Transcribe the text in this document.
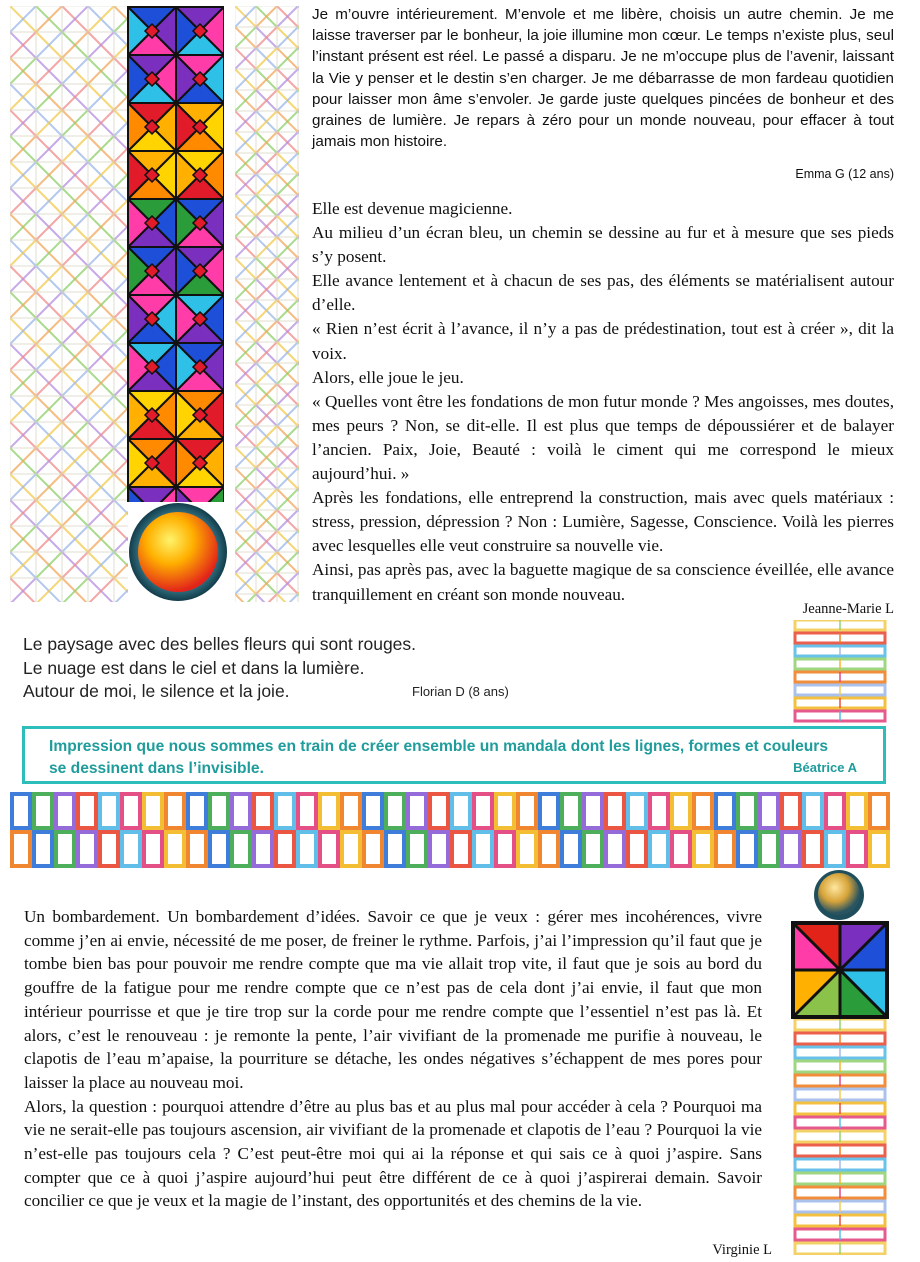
Je m’ouvre intérieurement. M’envole et me libère, choisis un autre chemin. Je me laisse traverser par le bonheur, la joie illumine mon cœur. Le temps n’existe plus, seul l’instant présent est réel. Le passé a disparu. Je ne m’occupe plus de l’avenir, laissant la Vie y penser et le destin s’en charger. Je me débarrasse de mon fardeau quotidien pour laisser mon âme s’envoler. Je garde juste quelques pincées de bonheur et des graines de lumière. Je repars à zéro pour un monde nouveau, pour effacer à tout jamais mon histoire.

Emma G (12 ans)

Elle est devenue magicienne.

Au milieu d’un écran bleu, un chemin se dessine au fur et à mesure que ses pieds s’y posent.

Elle avance lentement et à chacun de ses pas, des éléments se matérialisent autour d’elle.

« Rien n’est écrit à l’avance, il n’y a pas de prédestination, tout est à créer », dit la voix.

Alors, elle joue le jeu.

« Quelles vont être les fondations de mon futur monde ? Mes angoisses, mes doutes, mes peurs ? Non, se dit-elle. Il est plus que temps de dépoussiérer et de balayer l’ancien. Paix, Joie, Beauté : voilà le ciment qui me correspond le mieux aujourd’hui. »

Après les fondations, elle entreprend la construction, mais avec quels matériaux : stress, pression, dépression ? Non : Lumière, Sagesse, Conscience. Voilà les pierres avec lesquelles elle veut construire sa nouvelle vie.

Ainsi, pas après pas, avec la baguette magique de sa conscience éveillée, elle avance tranquillement en créant son monde nouveau.

Jeanne-Marie L
Le paysage avec des belles fleurs qui sont rouges.
Le nuage est dans le ciel et dans la lumière.
Autour de moi, le silence et la joie.	Florian D (8 ans)
Impression que nous sommes en train de créer ensemble un mandala dont les lignes, formes et couleurs se dessinent dans l’invisible.	Béatrice A

Un bombardement. Un bombardement d’idées. Savoir ce que je veux : gérer mes incohérences, vivre comme j’en ai envie, nécessité de me poser, de freiner le rythme. Parfois, j’ai l’impression qu’il faut que je tombe bien bas pour pouvoir me rendre compte que ma vie allait trop vite, il faut que je sois au bord du gouffre de la fatigue pour me rendre compte que ce n’est pas de cela dont j’ai envie, il faut que mon intérieur pourrisse et que je tire trop sur la corde pour me rendre compte que l’essentiel n’est pas là. Et alors, c’est le renouveau : je remonte la pente, l’air vivifiant de la promenade me purifie à nouveau, le clapotis de l’eau m’apaise, la pourriture se détache, les ondes négatives s’échappent de mes pores pour laisser la place au nouveau moi.

Alors, la question : pourquoi attendre d’être au plus bas et au plus mal pour accéder à cela ? Pourquoi ma vie ne serait-elle pas toujours ascension, air vivifiant de la promenade et clapotis de l’eau ? Pourquoi la vie n’est-elle pas toujours cela ? C’est peut-être moi qui ai la réponse et qui sais ce à quoi j’aspire. Sans compter que ce à quoi j’aspire aujourd’hui peut être différent de ce à quoi j’aspirerai demain. Savoir concilier ce que je veux et la magie de l’instant, des opportunités et des chemins de la vie.

Virginie L
